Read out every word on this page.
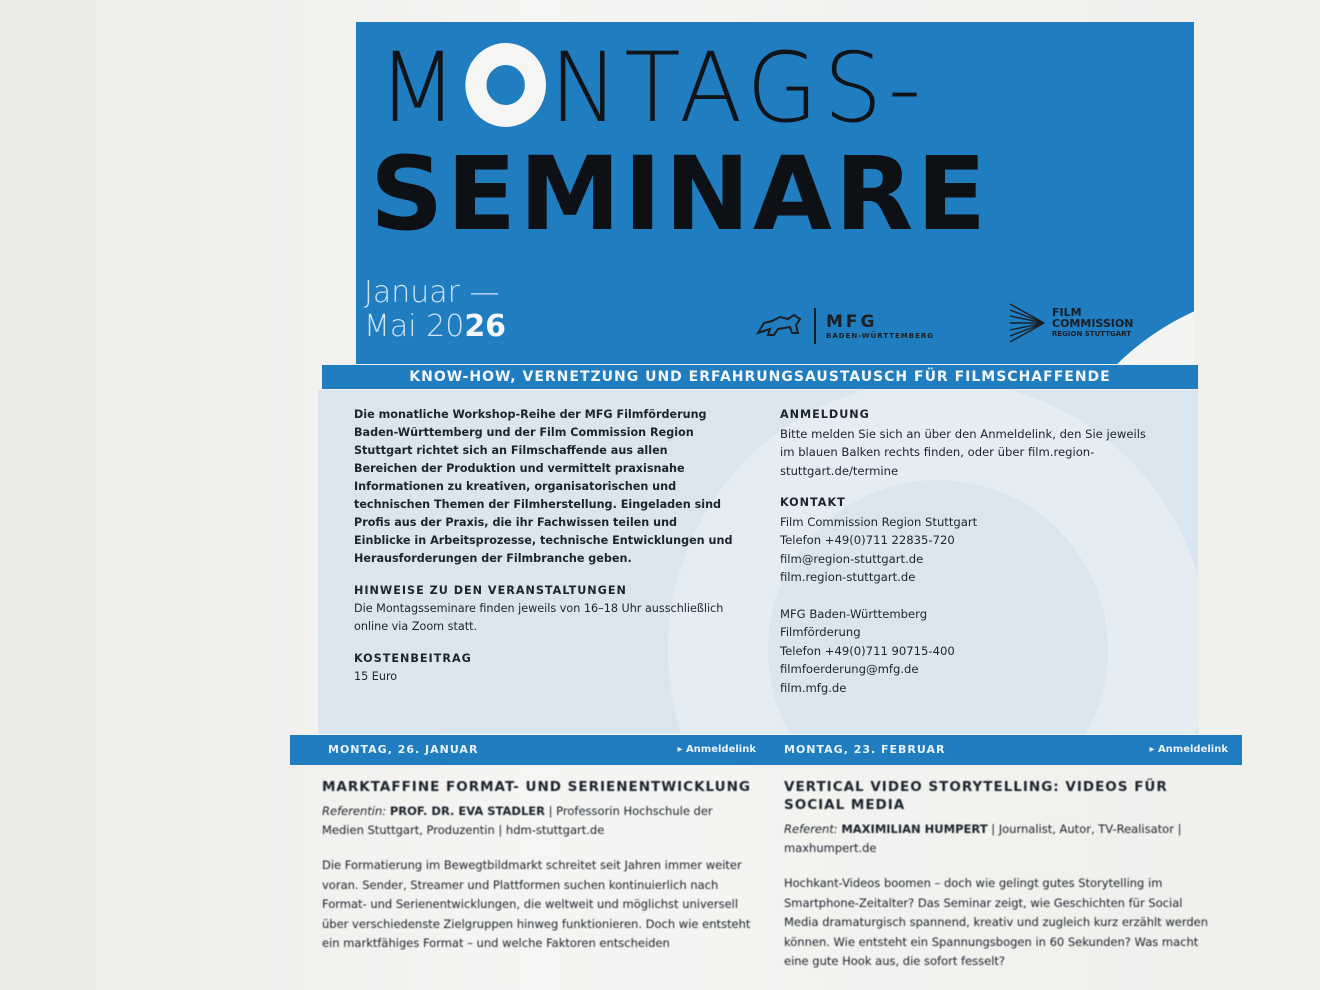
M NTAGS-
SEMINARE
Januar —
Mai 2026	MFG
BADEN-WÜRTTEMBERG
FILM
COMMISSION
REGION STUTTGART
KNOW-HOW, VERNETZUNG UND ERFAHRUNGSAUSTAUSCH FÜR FILMSCHAFFENDE

Die monatliche Workshop-Reihe der MFG Filmförderung Baden-Württemberg und der Film Commission Region Stuttgart richtet sich an Filmschaffende aus allen Bereichen der Produktion und vermittelt praxisnahe Informationen zu kreativen, organisatorischen und technischen Themen der Filmherstellung. Eingeladen sind Profis aus der Praxis, die ihr Fachwissen teilen und Einblicke in Arbeitsprozesse, technische Entwicklungen und Herausforderungen der Filmbranche geben.

HINWEISE ZU DEN VERANSTALTUNGEN

Die Montagsseminare finden jeweils von 16–18 Uhr ausschließlich online via Zoom statt.

KOSTENBEITRAG

15 Euro

ANMELDUNG

Bitte melden Sie sich an über den Anmeldelink, den Sie jeweils im blauen Balken rechts finden, oder über film.region-stuttgart.de/termine

KONTAKT

Film Commission Region Stuttgart

Telefon +49(0)711 22835-720

film@region-stuttgart.de

film.region-stuttgart.de

MFG Baden-Württemberg

Filmförderung

Telefon +49(0)711 90715-400

filmfoerderung@mfg.de

film.mfg.de

MONTAG, 26. JANUAR	▸ Anmeldelink	MONTAG, 23. FEBRUAR	▸ Anmeldelink
MARKTAFFINE FORMAT- UND SERIENENTWICKLUNG
Referentin: PROF. DR. EVA STADLER | Professorin Hochschule der Medien Stuttgart, Produzentin | hdm-stuttgart.de
Die Formatierung im Bewegtbildmarkt schreitet seit Jahren immer weiter voran. Sender, Streamer und Plattformen suchen kontinuierlich nach Format- und Serienentwicklungen, die weltweit und möglichst universell über verschiedenste Zielgruppen hinweg funktionieren. Doch wie entsteht ein marktfähiges Format – und welche Faktoren entscheiden
VERTICAL VIDEO STORYTELLING: VIDEOS FÜR SOCIAL MEDIA
Referent: MAXIMILIAN HUMPERT | Journalist, Autor, TV-Realisator | maxhumpert.de
Hochkant-Videos boomen – doch wie gelingt gutes Storytelling im Smartphone-Zeitalter? Das Seminar zeigt, wie Geschichten für Social Media dramaturgisch spannend, kreativ und zugleich kurz erzählt werden können. Wie entsteht ein Spannungsbogen in 60 Sekunden? Was macht eine gute Hook aus, die sofort fesselt?
